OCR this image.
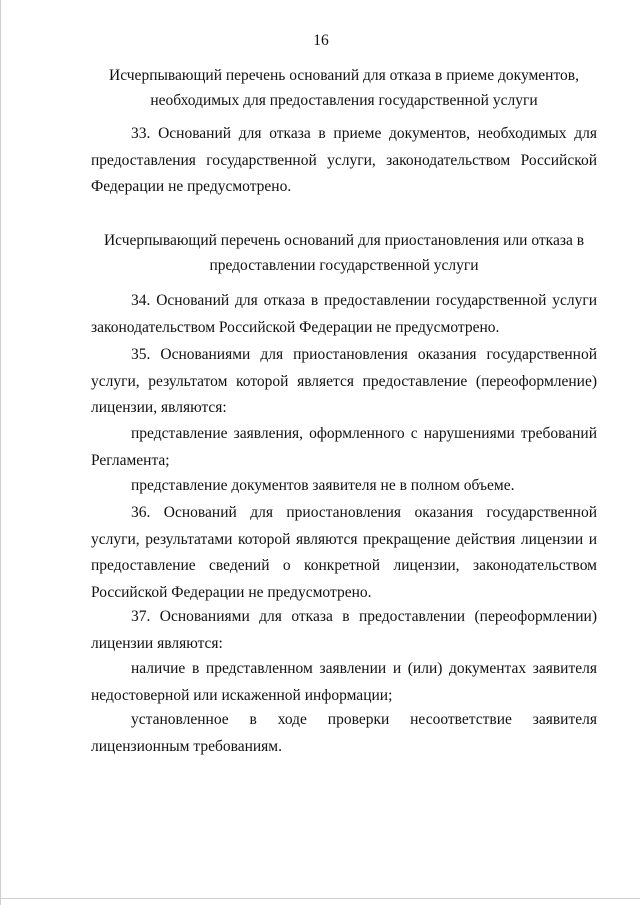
16
Исчерпывающий перечень оснований для отказа в приеме документов,
необходимых для предоставления государственной услуги
33. Оснований для отказа в приеме документов, необходимых для предоставления государственной услуги, законодательством Российской Федерации не предусмотрено.
Исчерпывающий перечень оснований для приостановления или отказа в
предоставлении государственной услуги
34. Оснований для отказа в предоставлении государственной услуги законодательством Российской Федерации не предусмотрено.
35. Основаниями для приостановления оказания государственной услуги, результатом которой является предоставление (переоформление) лицензии, являются:
представление заявления, оформленного с нарушениями требований Регламента;
представление документов заявителя не в полном объеме.
36. Оснований для приостановления оказания государственной услуги, результатами которой являются прекращение действия лицензии и предоставление сведений о конкретной лицензии, законодательством Российской Федерации не предусмотрено.
37. Основаниями для отказа в предоставлении (переоформлении) лицензии являются:
наличие в представленном заявлении и (или) документах заявителя недостоверной или искаженной информации;
установленное в ходе проверки несоответствие заявителя лицензионным требованиям.
